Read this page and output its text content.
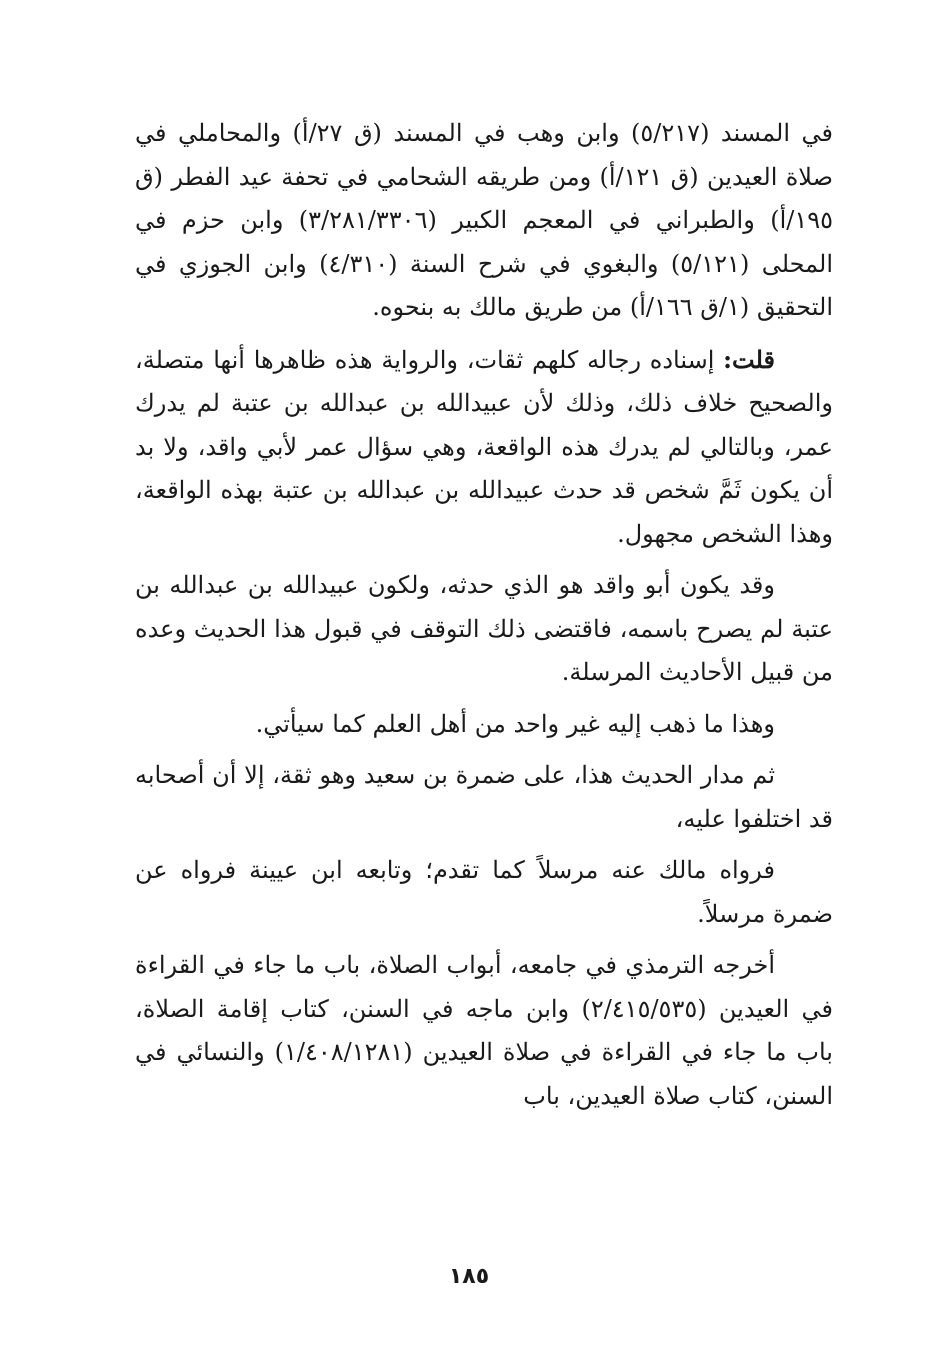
في المسند (٥/٢١٧) وابن وهب في المسند (ق ٢٧/أ) والمحاملي في صلاة العيدين (ق ١٢١/أ) ومن طريقه الشحامي في تحفة عيد الفطر (ق ١٩٥/أ) والطبراني في المعجم الكبير (٣/٢٨١/٣٣٠٦) وابن حزم في المحلى (٥/١٢١) والبغوي في شرح السنة (٤/٣١٠) وابن الجوزي في التحقيق (١/ق ١٦٦/أ) من طريق مالك به بنحوه.

قلت: إسناده رجاله كلهم ثقات، والرواية هذه ظاهرها أنها متصلة، والصحيح خلاف ذلك، وذلك لأن عبيدالله بن عبدالله بن عتبة لم يدرك عمر، وبالتالي لم يدرك هذه الواقعة، وهي سؤال عمر لأبي واقد، ولا بد أن يكون ثَمَّ شخص قد حدث عبيدالله بن عبدالله بن عتبة بهذه الواقعة، وهذا الشخص مجهول.

وقد يكون أبو واقد هو الذي حدثه، ولكون عبيدالله بن عبدالله بن عتبة لم يصرح باسمه، فاقتضى ذلك التوقف في قبول هذا الحديث وعده من قبيل الأحاديث المرسلة.

وهذا ما ذهب إليه غير واحد من أهل العلم كما سيأتي.

ثم مدار الحديث هذا، على ضمرة بن سعيد وهو ثقة، إلا أن أصحابه قد اختلفوا عليه،

فرواه مالك عنه مرسلاً كما تقدم؛ وتابعه ابن عيينة فرواه عن ضمرة مرسلاً.

أخرجه الترمذي في جامعه، أبواب الصلاة، باب ما جاء في القراءة في العيدين (٢/٤١٥/٥٣٥) وابن ماجه في السنن، كتاب إقامة الصلاة، باب ما جاء في القراءة في صلاة العيدين (١/٤٠٨/١٢٨١) والنسائي في السنن، كتاب صلاة العيدين، باب

١٨٥
